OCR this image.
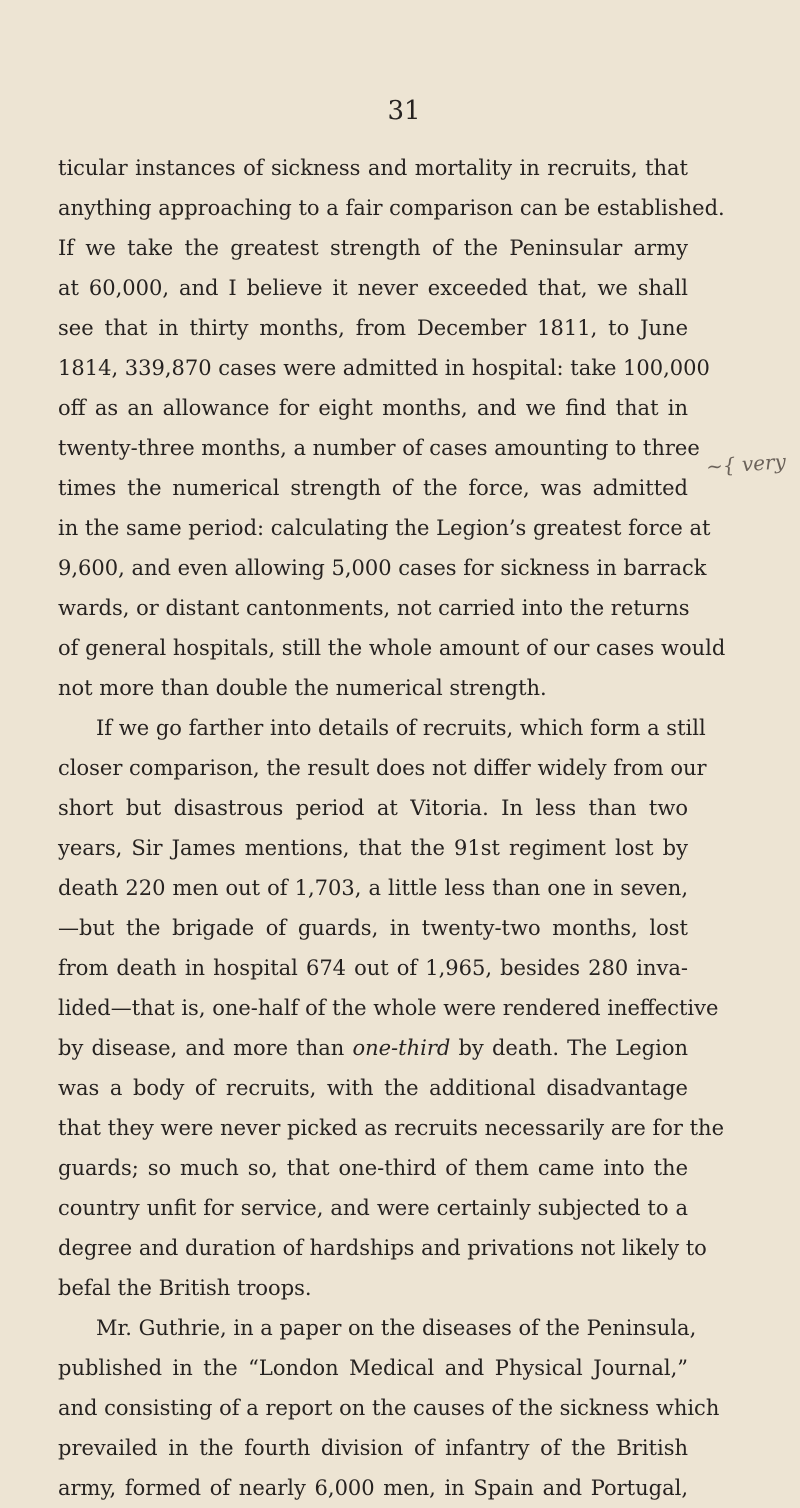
31
ticular instances of sickness and mortality in recruits, that
anything approaching to a fair comparison can be established.
If we take the greatest strength of the Peninsular army
at 60,000, and I believe it never exceeded that, we shall
see that in thirty months, from December 1811, to June
1814, 339,870 cases were admitted in hospital: take 100,000
off as an allowance for eight months, and we find that in
twenty-three months, a number of cases amounting to three
times the numerical strength of the force, was admitted
in the same period: calculating the Legion’s greatest force at
9,600, and even allowing 5,000 cases for sickness in barrack
wards, or distant cantonments, not carried into the returns
of general hospitals, still the whole amount of our cases would
not more than double the numerical strength.
If we go farther into details of recruits, which form a still
closer comparison, the result does not differ widely from our
short but disastrous period at Vitoria. In less than two
years, Sir James mentions, that the 91st regiment lost by
death 220 men out of 1,703, a little less than one in seven,
—but the brigade of guards, in twenty-two months, lost
from death in hospital 674 out of 1,965, besides 280 inva-
lided—that is, one-half of the whole were rendered ineffective
by disease, and more than one-third by death. The Legion
was a body of recruits, with the additional disadvantage
that they were never picked as recruits necessarily are for the
guards; so much so, that one-third of them came into the
country unfit for service, and were certainly subjected to a
degree and duration of hardships and privations not likely to
befal the British troops.
Mr. Guthrie, in a paper on the diseases of the Peninsula,
published in the “London Medical and Physical Journal,”
and consisting of a report on the causes of the sickness which
prevailed in the fourth division of infantry of the British
army, formed of nearly 6,000 men, in Spain and Portugal,
~{ very
